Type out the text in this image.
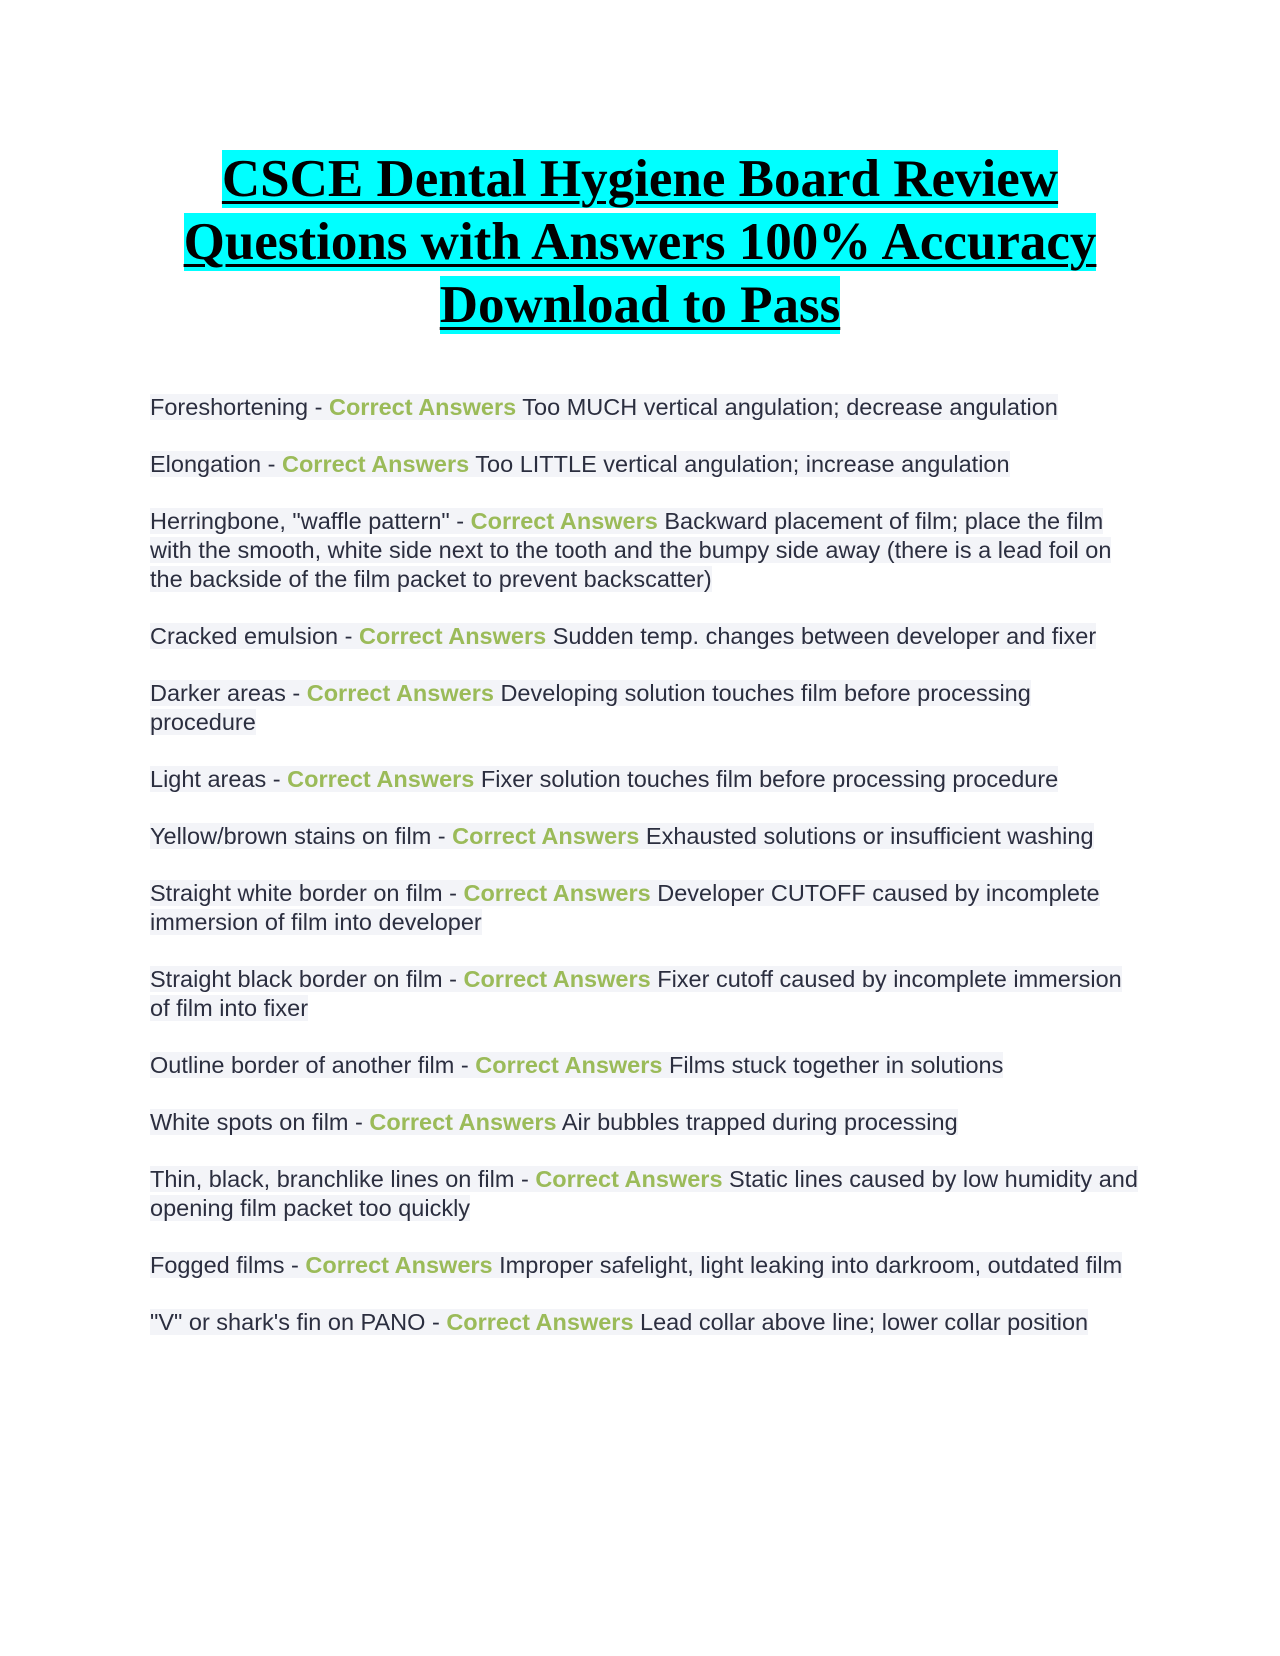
CSCE Dental Hygiene Board Review Questions with Answers 100% Accuracy Download to Pass
Foreshortening - Correct Answers Too MUCH vertical angulation; decrease angulation
Elongation - Correct Answers Too LITTLE vertical angulation; increase angulation
Herringbone, "waffle pattern" - Correct Answers Backward placement of film; place the film with the smooth, white side next to the tooth and the bumpy side away (there is a lead foil on the backside of the film packet to prevent backscatter)
Cracked emulsion - Correct Answers Sudden temp. changes between developer and fixer
Darker areas - Correct Answers Developing solution touches film before processing procedure
Light areas - Correct Answers Fixer solution touches film before processing procedure
Yellow/brown stains on film - Correct Answers Exhausted solutions or insufficient washing
Straight white border on film - Correct Answers Developer CUTOFF caused by incomplete immersion of film into developer
Straight black border on film - Correct Answers Fixer cutoff caused by incomplete immersion of film into fixer
Outline border of another film - Correct Answers Films stuck together in solutions
White spots on film - Correct Answers Air bubbles trapped during processing
Thin, black, branchlike lines on film - Correct Answers Static lines caused by low humidity and opening film packet too quickly
Fogged films - Correct Answers Improper safelight, light leaking into darkroom, outdated film
"V" or shark's fin on PANO - Correct Answers Lead collar above line; lower collar position
